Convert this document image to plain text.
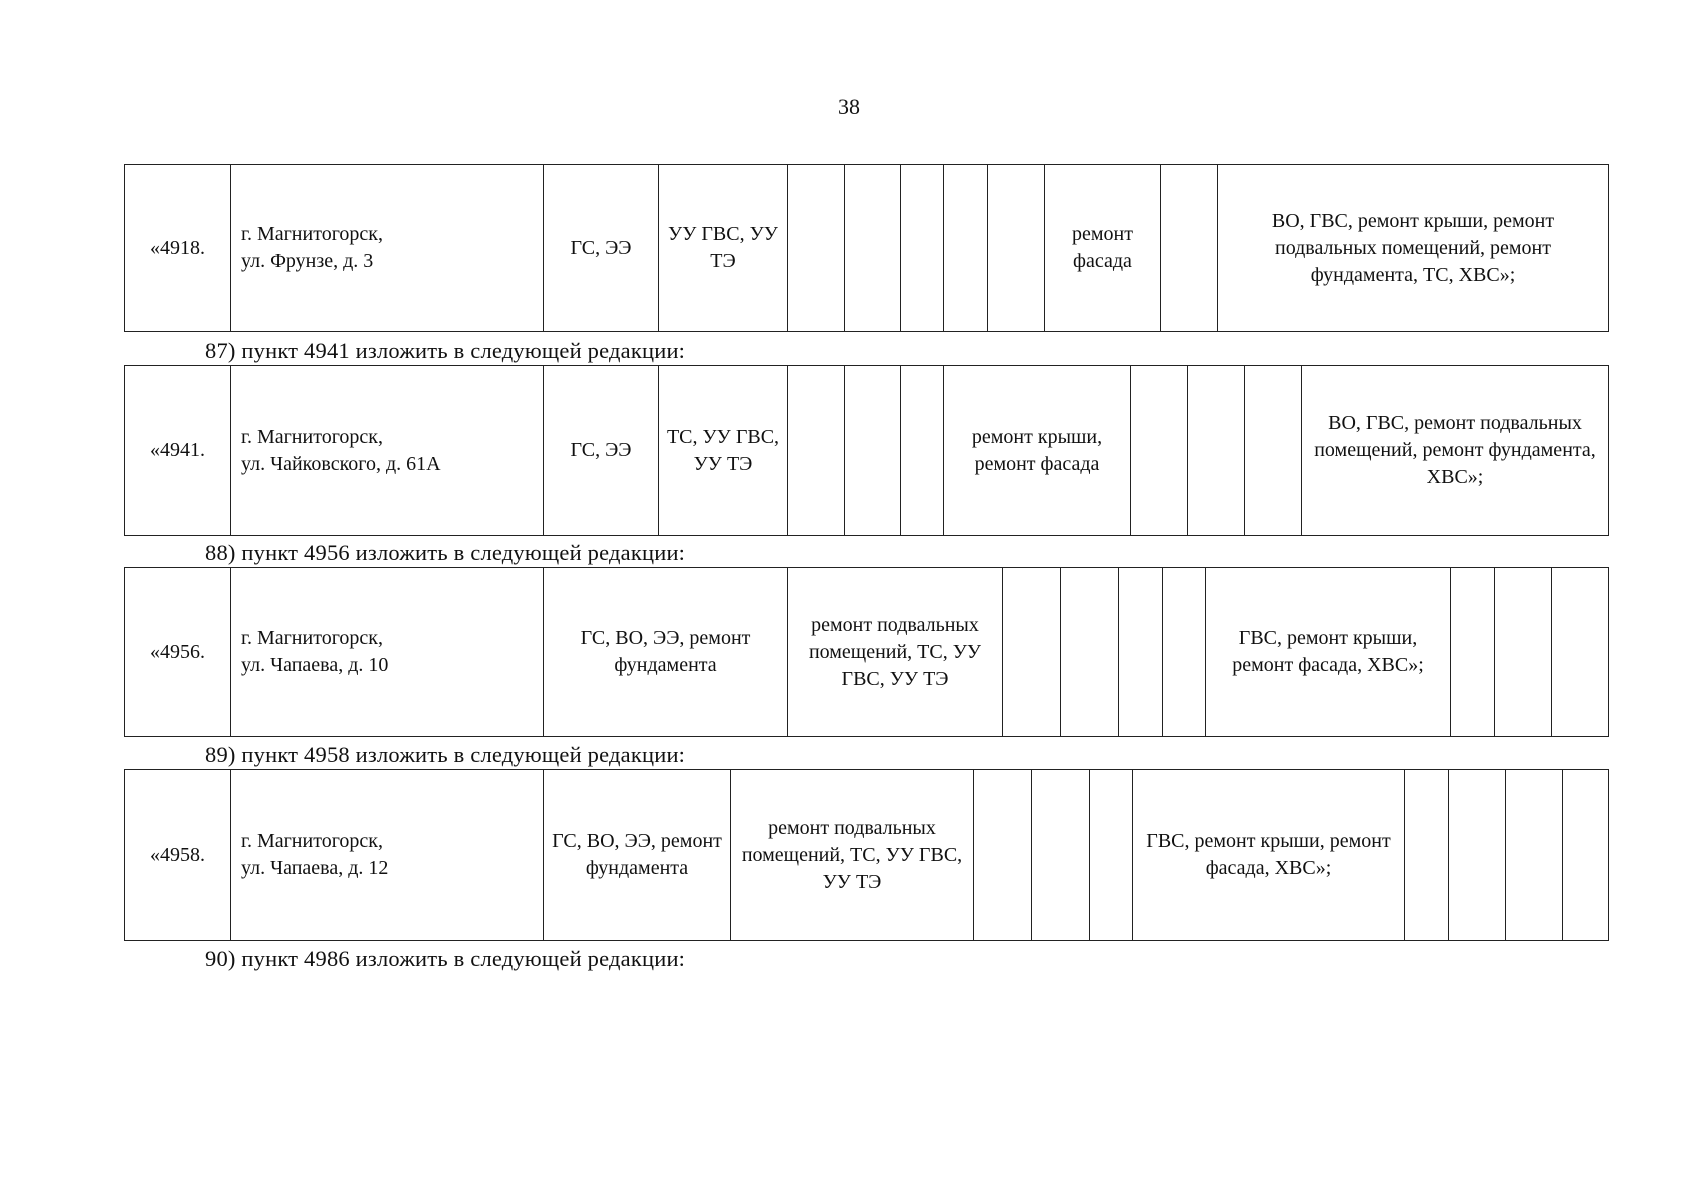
38
«4918.	г. Магнитогорск,
ул. Фрунзе, д. 3	ГС, ЭЭ	УУ ГВС, УУ ТЭ						ремонт фасада		ВО, ГВС, ремонт крыши, ремонт подвальных помещений, ремонт фундамента, ТС, ХВС»;
87) пункт 4941 изложить в следующей редакции:
«4941.	г. Магнитогорск,
ул. Чайковского, д. 61А	ГС, ЭЭ	ТС, УУ ГВС, УУ ТЭ				ремонт крыши, ремонт фасада				ВО, ГВС, ремонт подвальных помещений, ремонт фундамента, ХВС»;
88) пункт 4956 изложить в следующей редакции:
«4956.	г. Магнитогорск,
ул. Чапаева, д. 10	ГС, ВО, ЭЭ, ремонт фундамента	ремонт подвальных помещений, ТС, УУ ГВС, УУ ТЭ					ГВС, ремонт крыши, ремонт фасада, ХВС»;			
89) пункт 4958 изложить в следующей редакции:
«4958.	г. Магнитогорск,
ул. Чапаева, д. 12	ГС, ВО, ЭЭ, ремонт фундамента	ремонт подвальных помещений, ТС, УУ ГВС, УУ ТЭ				ГВС, ремонт крыши, ремонт фасада, ХВС»;				
90) пункт 4986 изложить в следующей редакции:
